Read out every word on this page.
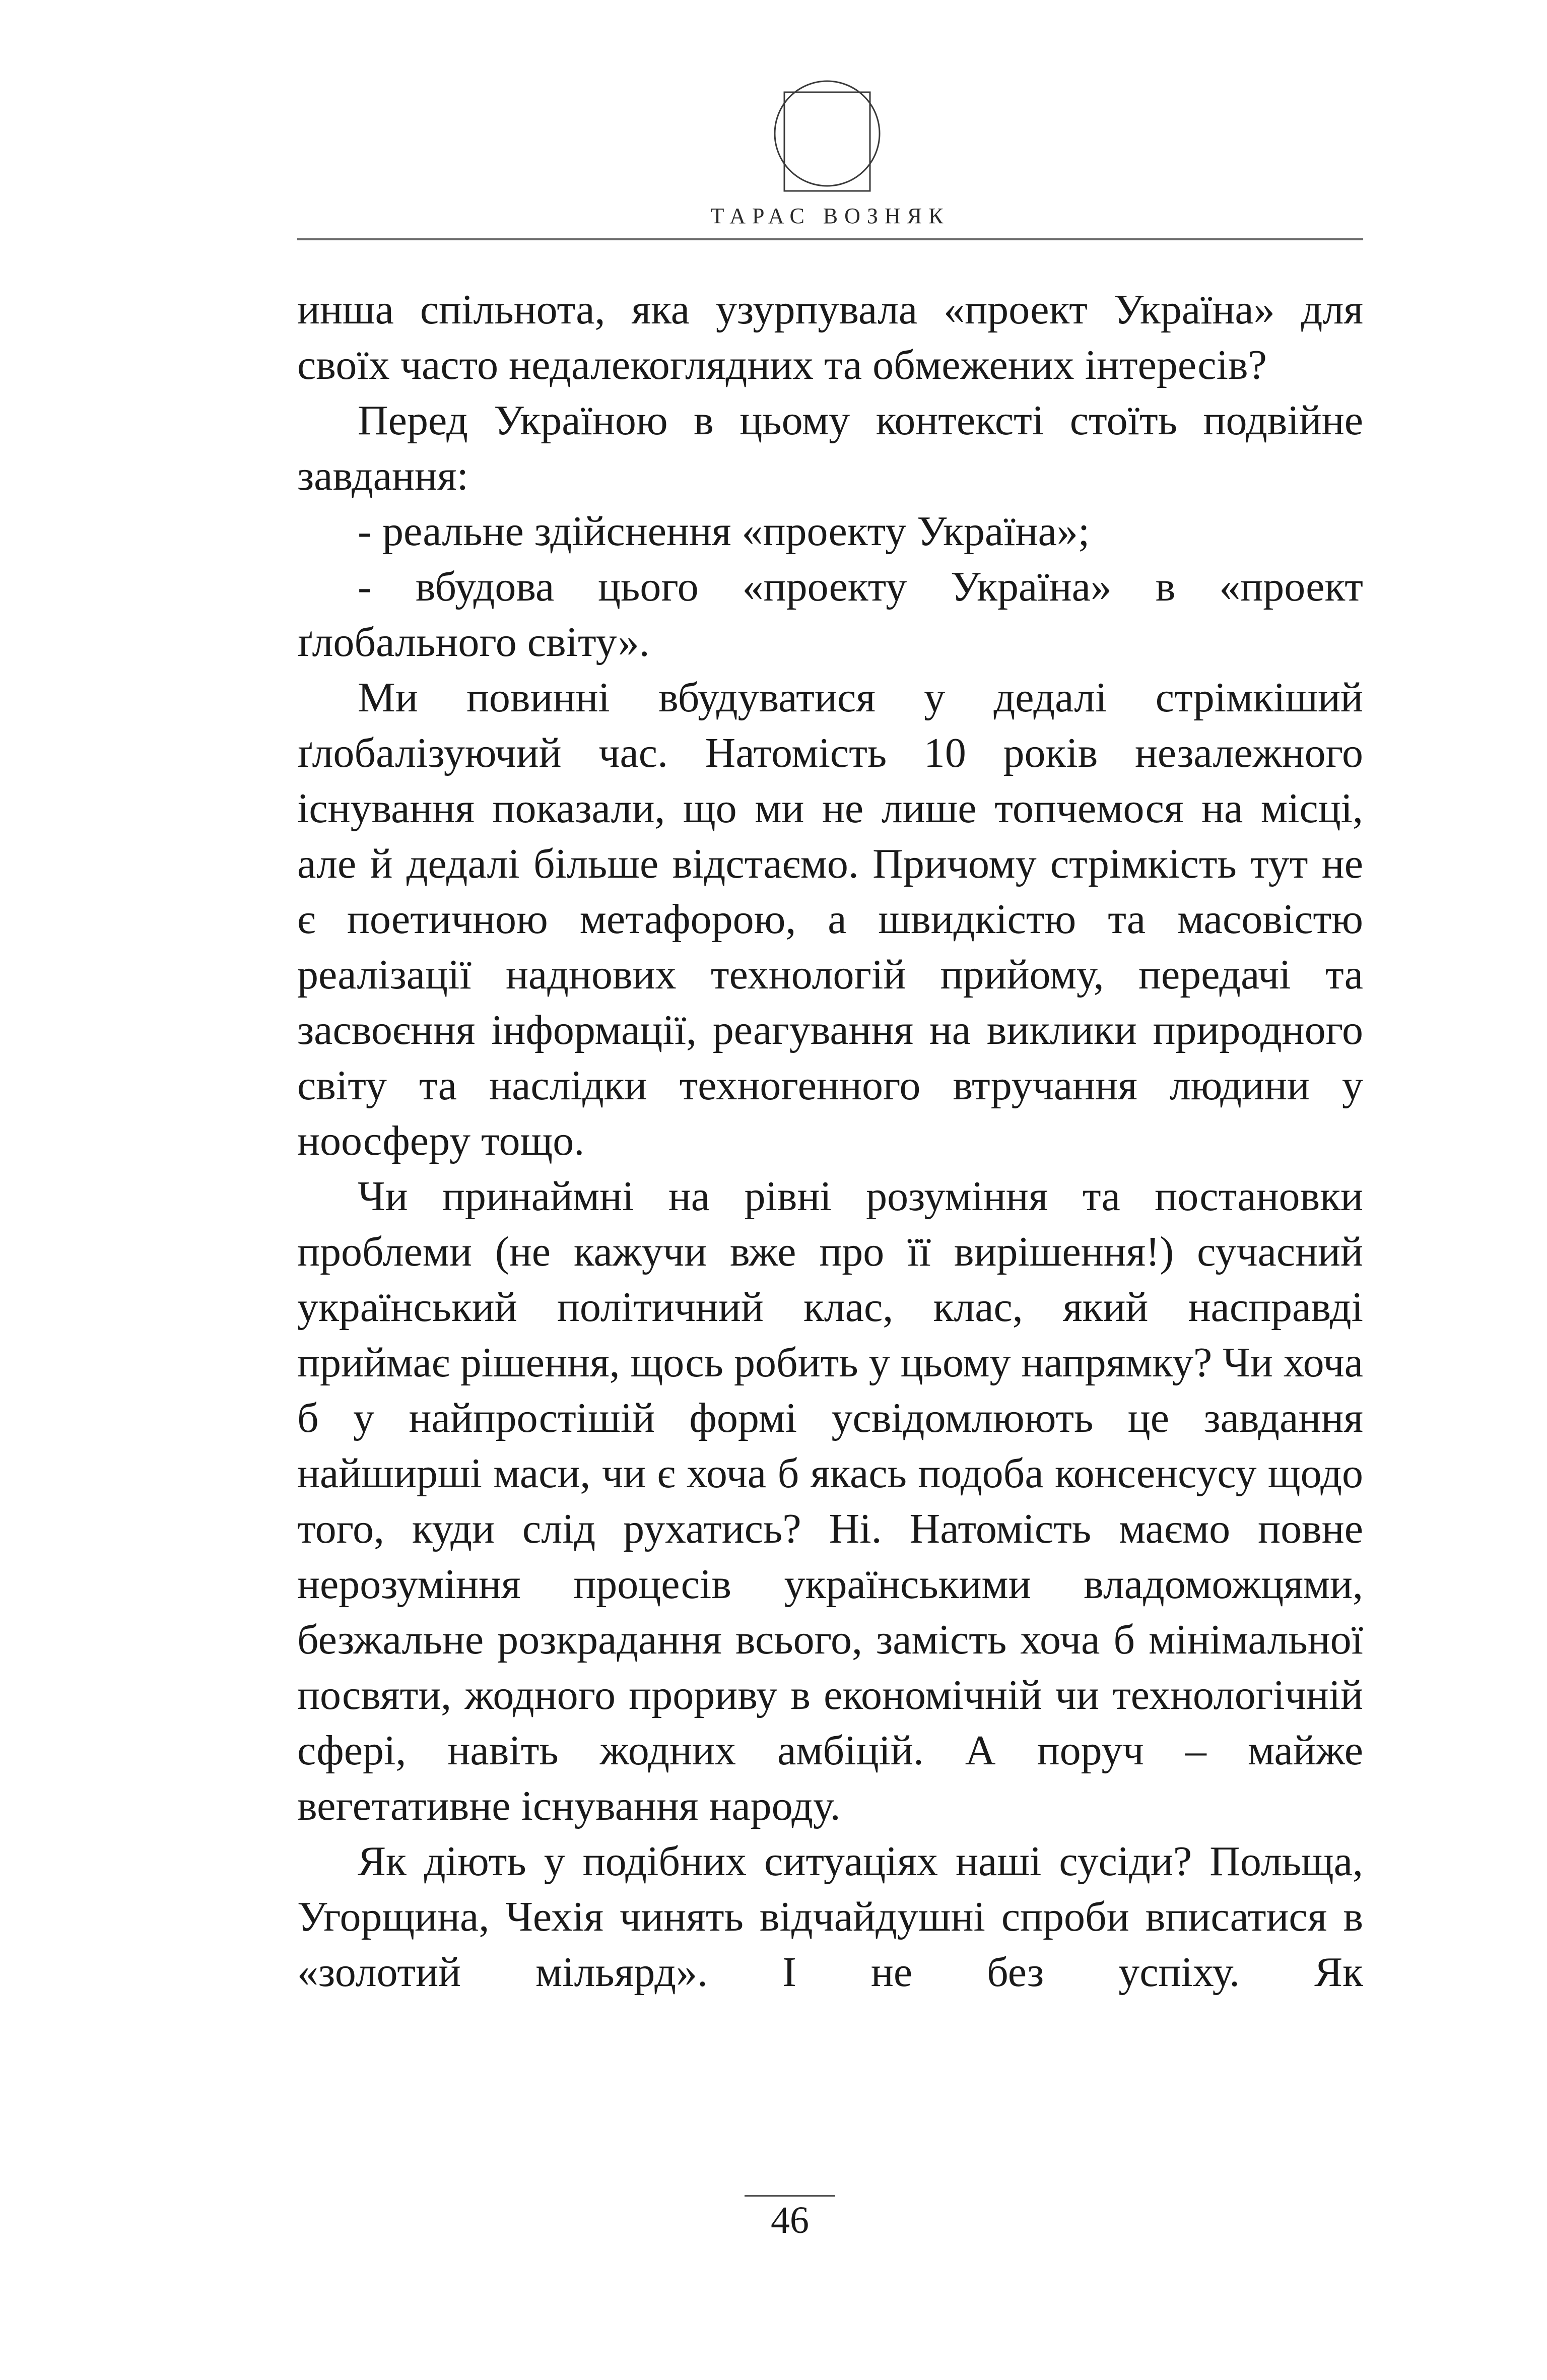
ТАРАС ВОЗНЯК

инша спільнота, яка узурпувала «проект Україна» для своїх часто недалекоглядних та обмежених інтересів?

Перед Україною в цьому контексті стоїть подвійне завдання:

- реальне здійснення «проекту Україна»;

- вбудова цього «проекту Україна» в «проект ґлобального світу».

Ми повинні вбудуватися у дедалі стрімкіший ґлобалізуючий час. Натомість 10 років незалежного існування показали, що ми не лише топчемося на місці, але й дедалі більше відстаємо. Причому стрімкість тут не є поетичною метафорою, а швидкістю та масовістю реалізації наднових технологій прийому, передачі та засвоєння інформації, реагування на виклики природного світу та наслідки техногенного втручання людини у ноосферу тощо.

Чи принаймні на рівні розуміння та постановки проблеми (не кажучи вже про її вирішення!) сучасний український політичний клас, клас, який насправді приймає рішення, щось робить у цьому напрямку? Чи хоча б у найпростішій формі усвідомлюють це завдання найширші маси, чи є хоча б якась подоба консенсусу щодо того, куди слід рухатись? Ні. Натомість маємо повне нерозуміння процесів українськими владоможцями, безжальне розкрадання всього, замість хоча б мінімальної посвяти, жодного прориву в економічній чи технологічній сфері, навіть жодних амбіцій. А поруч – майже вегетативне існування народу.

Як діють у подібних ситуаціях наші сусіди? Польща, Угорщина, Чехія чинять відчайдушні спроби вписатися в «золотий мільярд». І не без успіху. Як

46
